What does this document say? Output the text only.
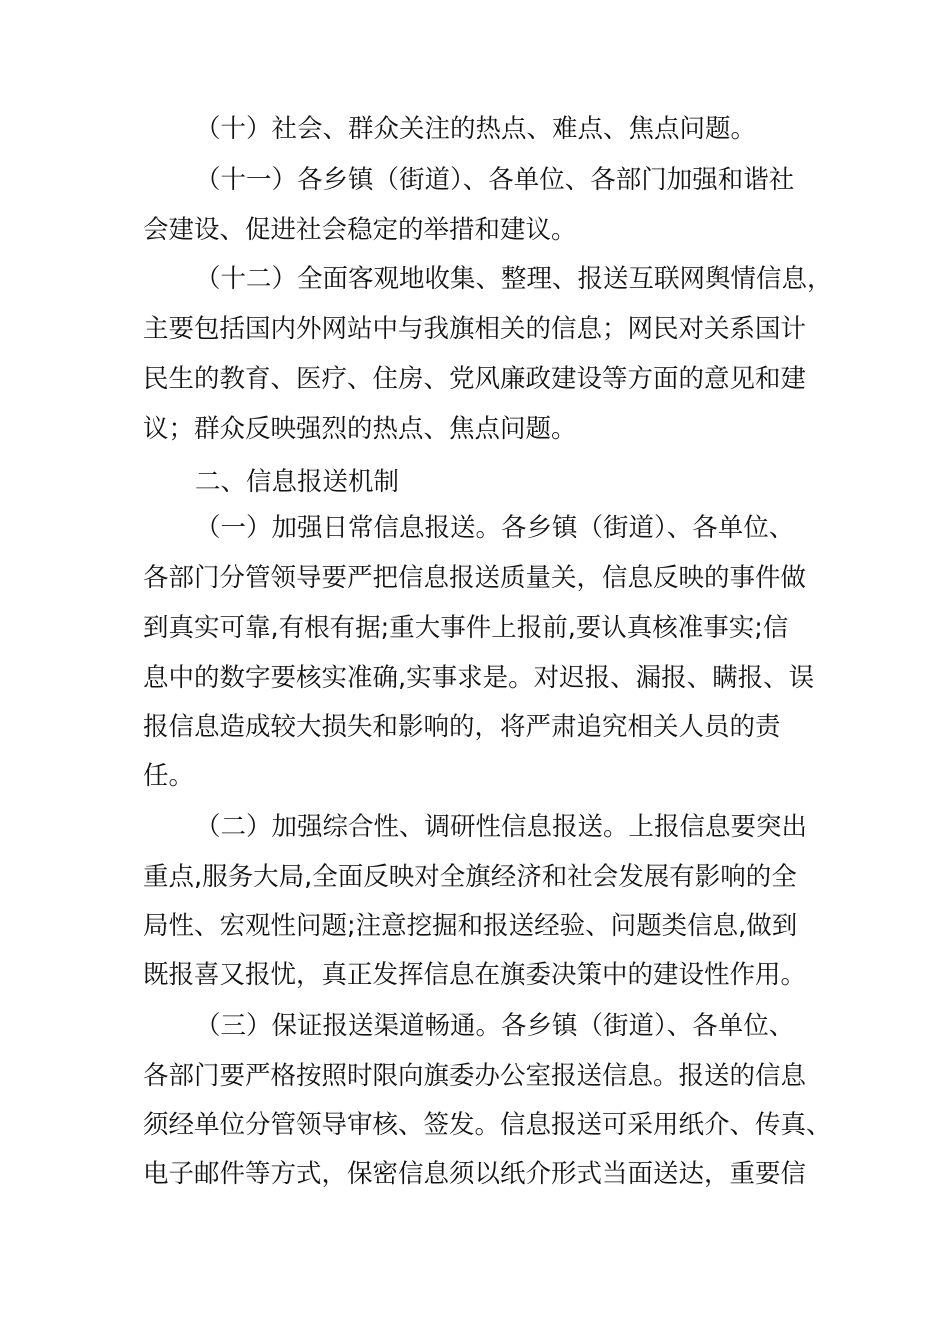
（十）社会、群众关注的热点、难点、焦点问题。
（十一）各乡镇（街道）、各单位、各部门加强和谐社
会建设、促进社会稳定的举措和建议。
（十二）全面客观地收集、整理、报送互联网舆情信息，
主要包括国内外网站中与我旗相关的信息；网民对关系国计
民生的教育、医疗、住房、党风廉政建设等方面的意见和建
议；群众反映强烈的热点、焦点问题。
二、信息报送机制
（一）加强日常信息报送。各乡镇（街道）、各单位、
各部门分管领导要严把信息报送质量关，信息反映的事件做
到真实可靠,有根有据;重大事件上报前,要认真核准事实;信
息中的数字要核实准确,实事求是。对迟报、漏报、瞒报、误
报信息造成较大损失和影响的，将严肃追究相关人员的责
任。
（二）加强综合性、调研性信息报送。上报信息要突出
重点,服务大局,全面反映对全旗经济和社会发展有影响的全
局性、宏观性问题;注意挖掘和报送经验、问题类信息,做到
既报喜又报忧，真正发挥信息在旗委决策中的建设性作用。
（三）保证报送渠道畅通。各乡镇（街道）、各单位、
各部门要严格按照时限向旗委办公室报送信息。报送的信息
须经单位分管领导审核、签发。信息报送可采用纸介、传真、
电子邮件等方式，保密信息须以纸介形式当面送达，重要信
